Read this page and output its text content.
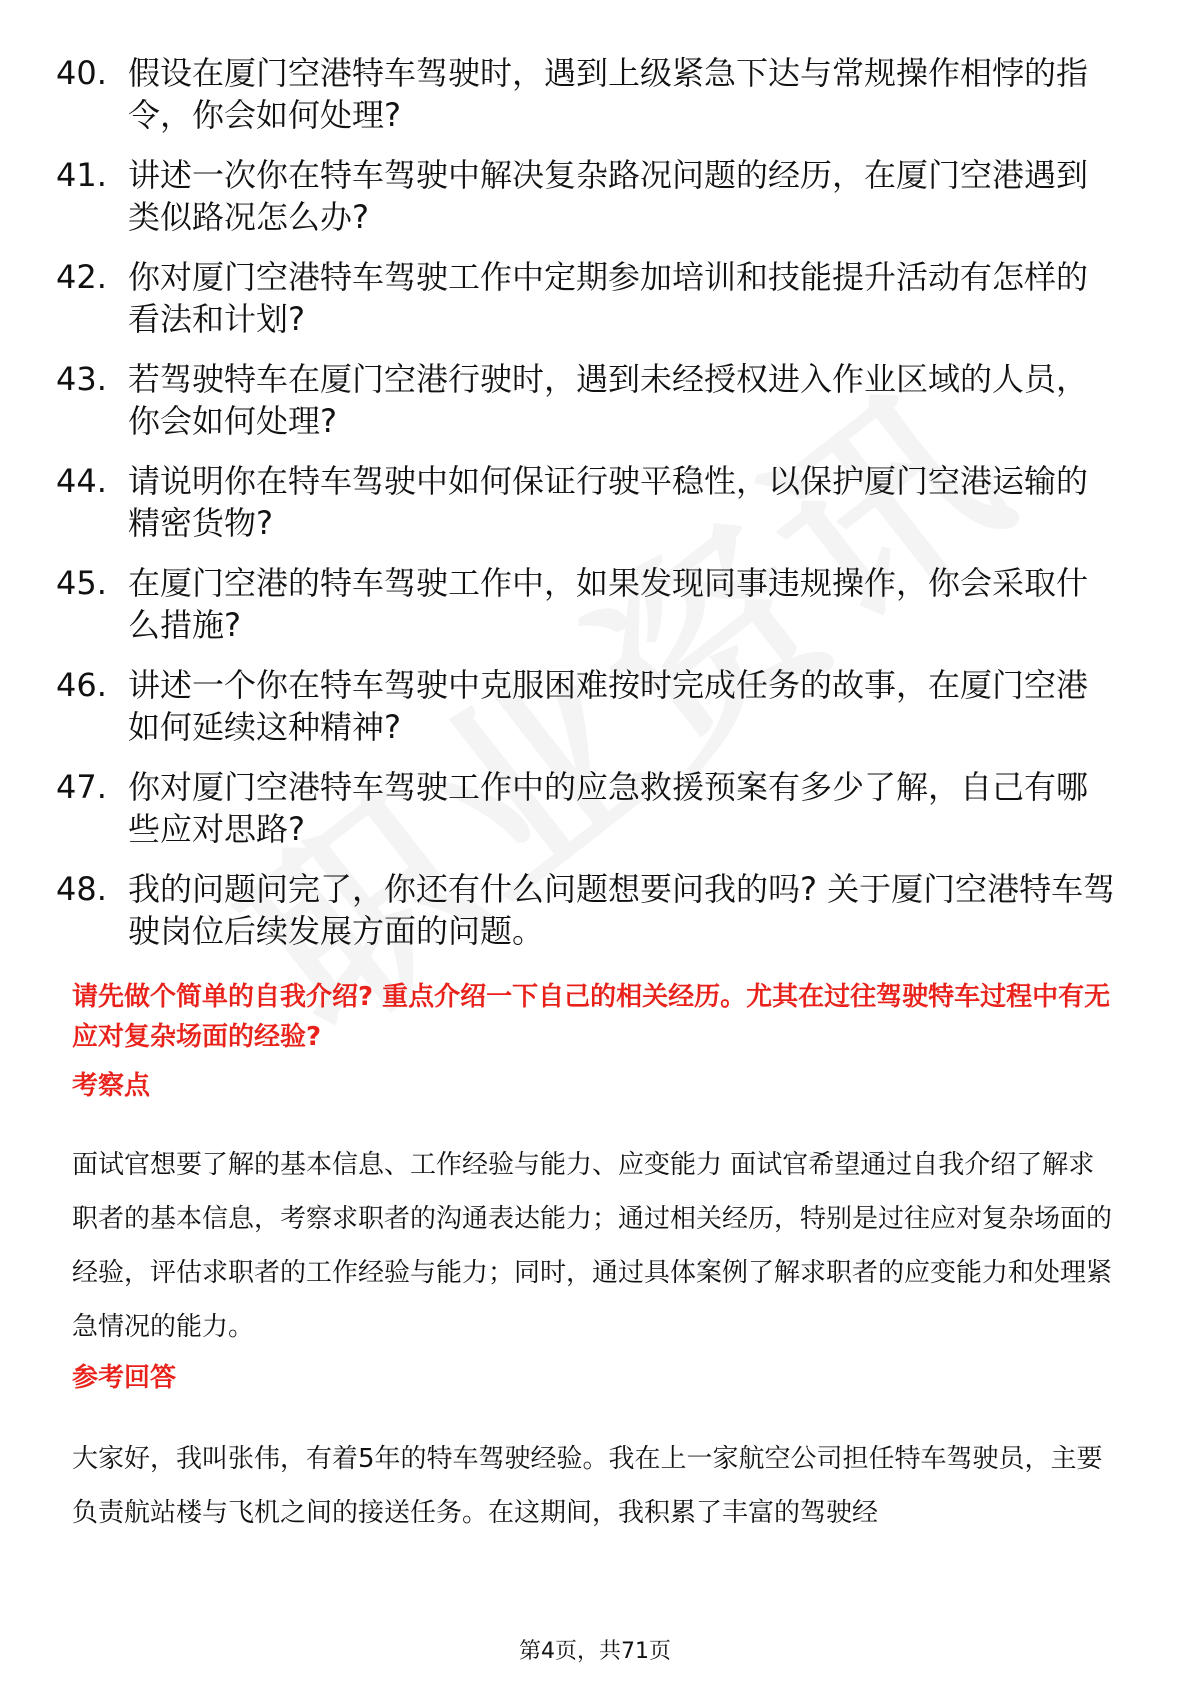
40. 假设在厦门空港特车驾驶时，遇到上级紧急下达与常规操作相悖的指令，你会如何处理?
41. 讲述一次你在特车驾驶中解决复杂路况问题的经历，在厦门空港遇到类似路况怎么办?
42. 你对厦门空港特车驾驶工作中定期参加培训和技能提升活动有怎样的看法和计划?
43. 若驾驶特车在厦门空港行驶时，遇到未经授权进入作业区域的人员，你会如何处理?
44. 请说明你在特车驾驶中如何保证行驶平稳性，以保护厦门空港运输的精密货物?
45. 在厦门空港的特车驾驶工作中，如果发现同事违规操作，你会采取什么措施?
46. 讲述一个你在特车驾驶中克服困难按时完成任务的故事，在厦门空港如何延续这种精神?
47. 你对厦门空港特车驾驶工作中的应急救援预案有多少了解，自己有哪些应对思路?
48. 我的问题问完了，你还有什么问题想要问我的吗? 关于厦门空港特车驾驶岗位后续发展方面的问题。
请先做个简单的自我介绍? 重点介绍一下自己的相关经历。尤其在过往驾驶特车过程中有无应对复杂场面的经验?
考察点
面试官想要了解的基本信息、工作经验与能力、应变能力 面试官希望通过自我介绍了解求职者的基本信息，考察求职者的沟通表达能力；通过相关经历，特别是过往应对复杂场面的经验，评估求职者的工作经验与能力；同时，通过具体案例了解求职者的应变能力和处理紧急情况的能力。
参考回答
大家好，我叫张伟，有着5年的特车驾驶经验。我在上一家航空公司担任特车驾驶员，主要负责航站楼与飞机之间的接送任务。在这期间，我积累了丰富的驾驶经
第4页，共71页
